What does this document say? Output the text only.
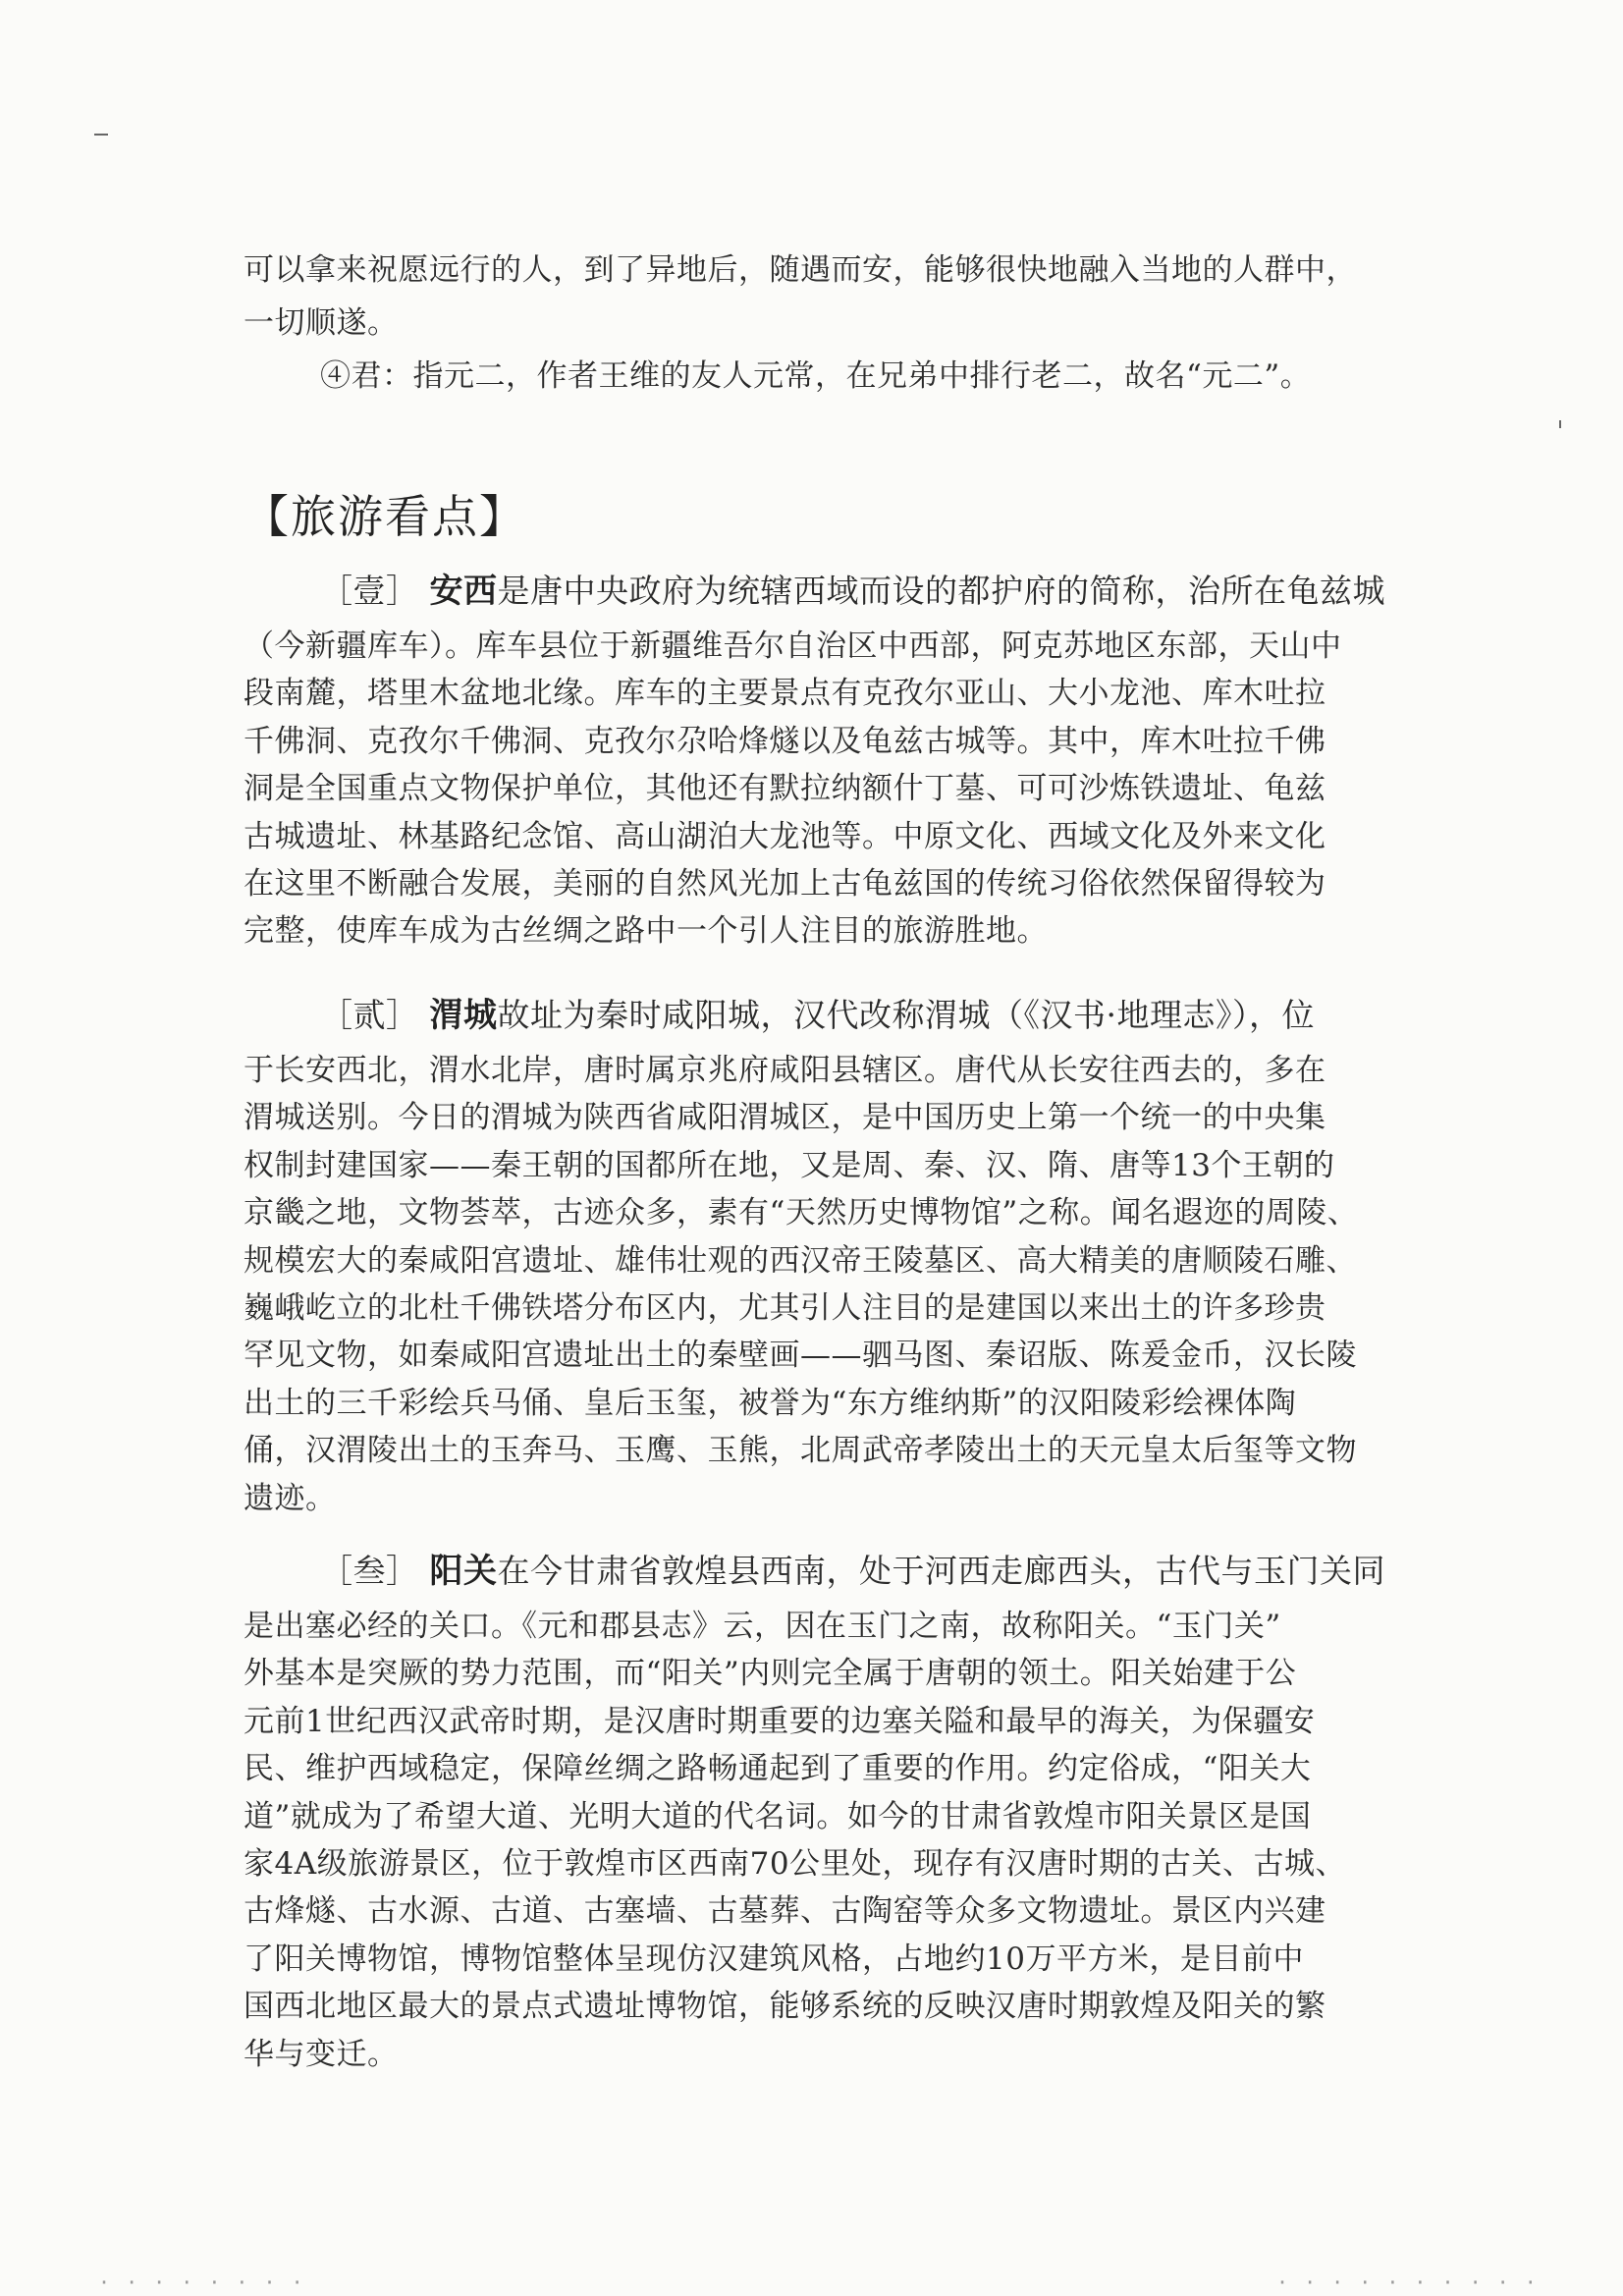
可以拿来祝愿远行的人，到了异地后，随遇而安，能够很快地融入当地的人群中，
一切顺遂。
④君：指元二，作者王维的友人元常，在兄弟中排行老二，故名“元二”。
【旅游看点】
［壹］ 安西是唐中央政府为统辖西域而设的都护府的简称，治所在龟兹城
（今新疆库车）。库车县位于新疆维吾尔自治区中西部，阿克苏地区东部，天山中
段南麓，塔里木盆地北缘。库车的主要景点有克孜尔亚山、大小龙池、库木吐拉
千佛洞、克孜尔千佛洞、克孜尔尕哈烽燧以及龟兹古城等。其中，库木吐拉千佛
洞是全国重点文物保护单位，其他还有默拉纳额什丁墓、可可沙炼铁遗址、龟兹
古城遗址、林基路纪念馆、高山湖泊大龙池等。中原文化、西域文化及外来文化
在这里不断融合发展，美丽的自然风光加上古龟兹国的传统习俗依然保留得较为
完整，使库车成为古丝绸之路中一个引人注目的旅游胜地。
［贰］ 渭城故址为秦时咸阳城，汉代改称渭城（《汉书·地理志》），位
于长安西北，渭水北岸，唐时属京兆府咸阳县辖区。唐代从长安往西去的，多在
渭城送别。今日的渭城为陕西省咸阳渭城区，是中国历史上第一个统一的中央集
权制封建国家——秦王朝的国都所在地，又是周、秦、汉、隋、唐等13个王朝的
京畿之地，文物荟萃，古迹众多，素有“天然历史博物馆”之称。闻名遐迩的周陵、
规模宏大的秦咸阳宫遗址、雄伟壮观的西汉帝王陵墓区、高大精美的唐顺陵石雕、
巍峨屹立的北杜千佛铁塔分布区内，尤其引人注目的是建国以来出土的许多珍贵
罕见文物，如秦咸阳宫遗址出土的秦壁画——驷马图、秦诏版、陈爰金币，汉长陵
出土的三千彩绘兵马俑、皇后玉玺，被誉为“东方维纳斯”的汉阳陵彩绘裸体陶
俑，汉渭陵出土的玉奔马、玉鹰、玉熊，北周武帝孝陵出土的天元皇太后玺等文物
遗迹。
［叁］ 阳关在今甘肃省敦煌县西南，处于河西走廊西头，古代与玉门关同
是出塞必经的关口。《元和郡县志》云，因在玉门之南，故称阳关。“玉门关”
外基本是突厥的势力范围，而“阳关”内则完全属于唐朝的领土。阳关始建于公
元前1世纪西汉武帝时期，是汉唐时期重要的边塞关隘和最早的海关，为保疆安
民、维护西域稳定，保障丝绸之路畅通起到了重要的作用。约定俗成，“阳关大
道”就成为了希望大道、光明大道的代名词。如今的甘肃省敦煌市阳关景区是国
家4A级旅游景区，位于敦煌市区西南70公里处，现存有汉唐时期的古关、古城、
古烽燧、古水源、古道、古塞墙、古墓葬、古陶窑等众多文物遗址。景区内兴建
了阳关博物馆，博物馆整体呈现仿汉建筑风格，占地约10万平方米，是目前中
国西北地区最大的景点式遗址博物馆，能够系统的反映汉唐时期敦煌及阳关的繁
华与变迁。
· · · · · · · ·	· · · · · · · · · ·
